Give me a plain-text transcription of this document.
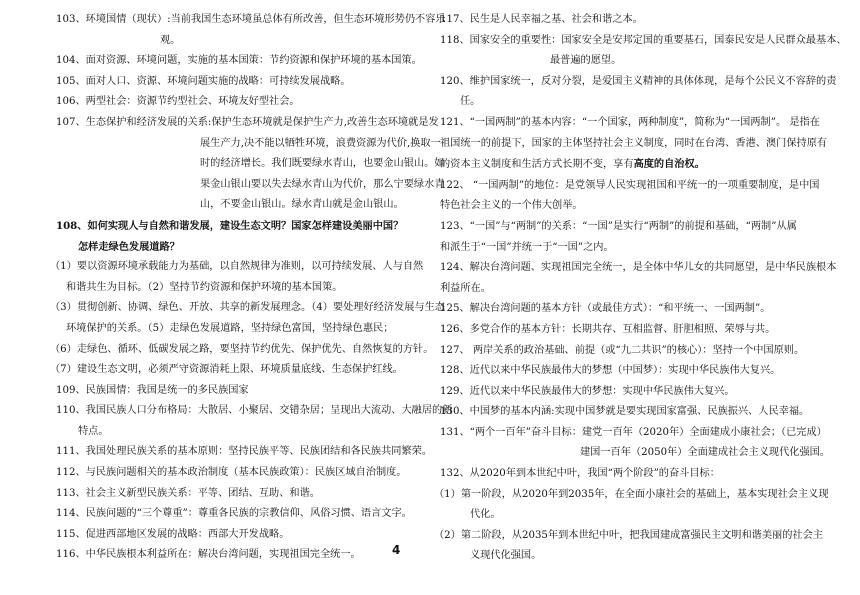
103、环境国情（现状）:当前我国生态环境虽总体有所改善，但生态环境形势仍不容乐
观。
104、面对资源、环境问题，实施的基本国策：节约资源和保护环境的基本国策。
105、面对人口、资源、环境问题实施的战略：可持续发展战略。
106、两型社会：资源节约型社会、环境友好型社会。
107、生态保护和经济发展的关系:保护生态环境就是保护生产力,改善生态环境就是发
展生产力,决不能以牺牲环境，浪费资源为代价,换取一
时的经济增长。我们既要绿水青山，也要金山银山。如
果金山银山要以失去绿水青山为代价，那么宁要绿水青
山，不要金山银山。绿水青山就是金山银山。
108、如何实现人与自然和谐发展，建设生态文明？国家怎样建设美丽中国？
怎样走绿色发展道路？
（1）要以资源环境承载能力为基础，以自然规律为准则，以可持续发展、人与自然
和谐共生为目标。（2）坚持节约资源和保护环境的基本国策。
（3）贯彻创新、协调、绿色、开放、共享的新发展理念。（4）要处理好经济发展与生态
环境保护的关系。（5）走绿色发展道路，坚持绿色富国，坚持绿色惠民；
（6）走绿色、循环、低碳发展之路，要坚持节约优先、保护优先、自然恢复的方针。
（7）建设生态文明，必须严守资源消耗上限、环境质量底线、生态保护红线。
109、民族国情：我国是统一的多民族国家
110、我国民族人口分布格局：大散居、小聚居、交错杂居；呈现出大流动、大融居的新
特点。
111、我国处理民族关系的基本原则：坚持民族平等、民族团结和各民族共同繁荣。
112、与民族问题相关的基本政治制度（基本民族政策）：民族区域自治制度。
113、社会主义新型民族关系：平等、团结、互助、和谐。
114、民族问题的“三个尊重”：尊重各民族的宗教信仰、风俗习惯、语言文字。
115、促进西部地区发展的战略：西部大开发战略。
116、中华民族根本利益所在：解决台湾问题，实现祖国完全统一。
117、民生是人民幸福之基、社会和谐之本。
118、国家安全的重要性：国家安全是安邦定国的重要基石，国泰民安是人民群众最基本、
最普遍的愿望。
120、维护国家统一，反对分裂，是爱国主义精神的具体体现，是每个公民义不容辞的责
任。
121、“一国两制”的基本内容：“一个国家，两种制度”，简称为“一国两制”。 是指在
祖国统一的前提下，国家的主体坚持社会主义制度，同时在台湾、香港、澳门保持原有
的资本主义制度和生活方式长期不变，享有高度的自治权。
122、 “一国两制”的地位：是党领导人民实现祖国和平统一的一项重要制度，是中国
特色社会主义的一个伟大创举。
123、“一国”与“两制”的关系：“一国”是实行“两制”的前提和基础，“两制”从属
和派生于“一国”并统一于“一国”之内。
124、解决台湾问题、实现祖国完全统一，是全体中华儿女的共同愿望，是中华民族根本
利益所在。
125、解决台湾问题的基本方针（或最佳方式）：“和平统一、一国两制”。
126、多党合作的基本方针：长期共存、互相监督、肝胆相照、荣辱与共。
127、 两岸关系的政治基础、前提（或“九二共识”的核心）：坚持一个中国原则。
128、近代以来中华民族最伟大的梦想（中国梦）：实现中华民族伟大复兴。
129、近代以来中华民族最伟大的梦想：实现中华民族伟大复兴。
130、中国梦的基本内涵:实现中国梦就是要实现国家富强、民族振兴、人民幸福。
131、“两个一百年”奋斗目标：建党一百年（2020年）全面建成小康社会；（已完成）
建国一百年（2050年）全面建成社会主义现代化强国。
132、从2020年到本世纪中叶，我国“两个阶段”的奋斗目标：
（1）第一阶段，从2020年到2035年，在全面小康社会的基础上，基本实现社会主义现
代化。
（2）第二阶段，从2035年到本世纪中叶，把我国建成富强民主文明和谐美丽的社会主
义现代化强国。
4
